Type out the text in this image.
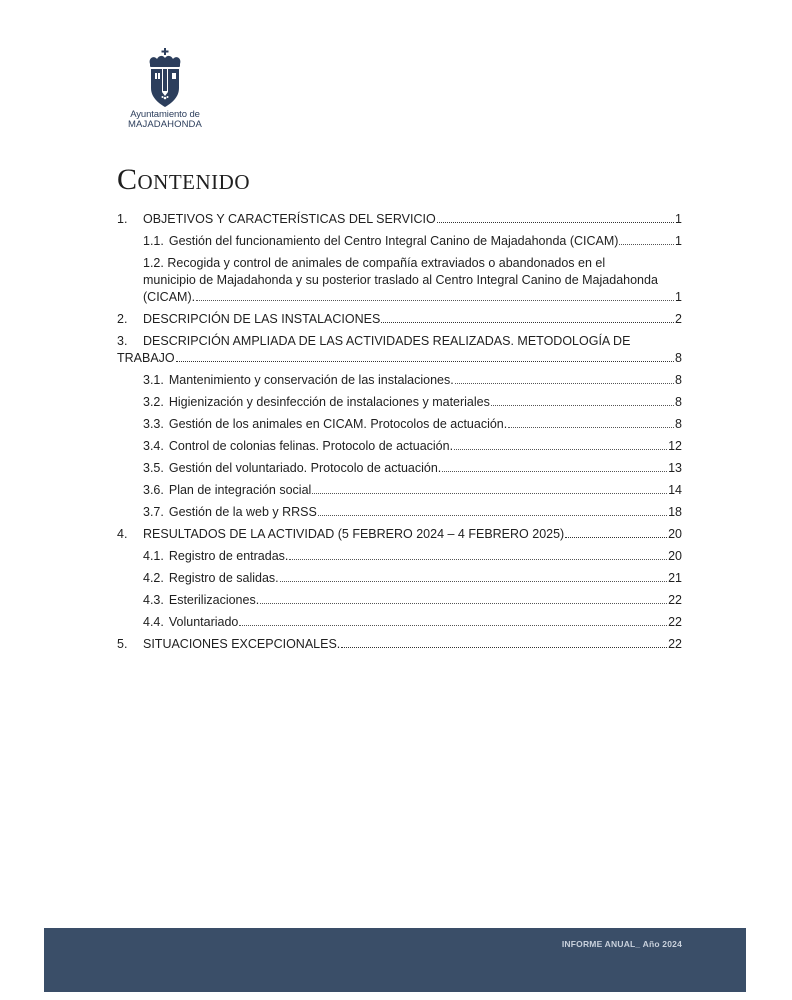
Ayuntamiento de
MAJADAHONDA
Contenido
1.	OBJETIVOS Y CARACTERÍSTICAS DEL SERVICIO	1
1.1. Gestión del funcionamiento del Centro Integral Canino de Majadahonda (CICAM)	1
1.2. Recogida y control de animales de compañía extraviados o abandonados en el
municipio de Majadahonda y su posterior traslado al Centro Integral Canino de Majadahonda
(CICAM).	1
2.	DESCRIPCIÓN DE LAS INSTALACIONES	2
3. DESCRIPCIÓN AMPLIADA DE LAS ACTIVIDADES REALIZADAS. METODOLOGÍA DE
TRABAJO	8
3.1. Mantenimiento y conservación de las instalaciones.	8
3.2. Higienización y desinfección de instalaciones y materiales	8
3.3. Gestión de los animales en CICAM. Protocolos de actuación.	8
3.4. Control de colonias felinas. Protocolo de actuación.	12
3.5. Gestión del voluntariado. Protocolo de actuación.	13
3.6. Plan de integración social	14
3.7. Gestión de la web y RRSS	18
4.	RESULTADOS DE LA ACTIVIDAD (5 FEBRERO 2024 – 4 FEBRERO 2025)	20
4.1. Registro de entradas.	20
4.2. Registro de salidas.	21
4.3. Esterilizaciones.	22
4.4. Voluntariado	22
5.	SITUACIONES EXCEPCIONALES.	22
INFORME ANUAL_ Año 2024
